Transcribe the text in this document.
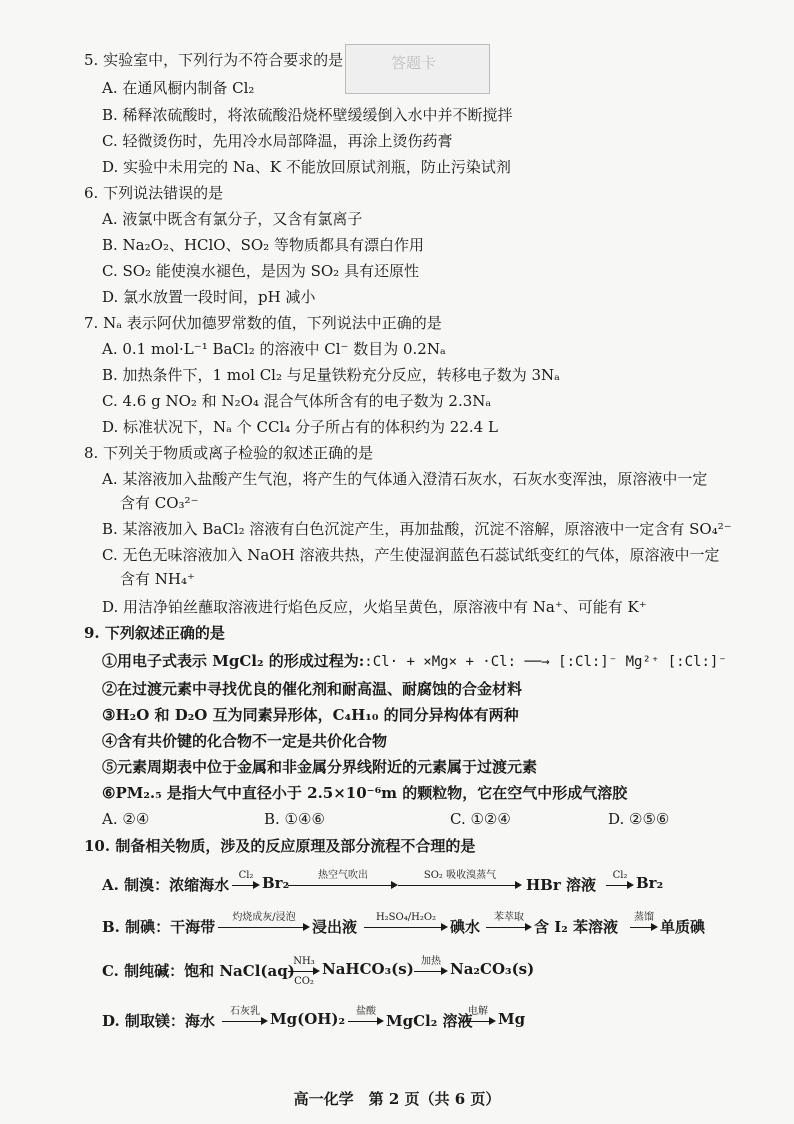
答题卡
5. 实验室中，下列行为不符合要求的是
A. 在通风橱内制备 Cl₂
B. 稀释浓硫酸时，将浓硫酸沿烧杯壁缓缓倒入水中并不断搅拌
C. 轻微烫伤时，先用冷水局部降温，再涂上烫伤药膏
D. 实验中未用完的 Na、K 不能放回原试剂瓶，防止污染试剂
6. 下列说法错误的是
A. 液氯中既含有氯分子，又含有氯离子
B. Na₂O₂、HClO、SO₂ 等物质都具有漂白作用
C. SO₂ 能使溴水褪色，是因为 SO₂ 具有还原性
D. 氯水放置一段时间，pH 减小
7. Nₐ 表示阿伏加德罗常数的值，下列说法中正确的是
A. 0.1 mol·L⁻¹ BaCl₂ 的溶液中 Cl⁻ 数目为 0.2Nₐ
B. 加热条件下，1 mol Cl₂ 与足量铁粉充分反应，转移电子数为 3Nₐ
C. 4.6 g NO₂ 和 N₂O₄ 混合气体所含有的电子数为 2.3Nₐ
D. 标准状况下，Nₐ 个 CCl₄ 分子所占有的体积约为 22.4 L
8. 下列关于物质或离子检验的叙述正确的是
A. 某溶液加入盐酸产生气泡，将产生的气体通入澄清石灰水，石灰水变浑浊，原溶液中一定
含有 CO₃²⁻
B. 某溶液加入 BaCl₂ 溶液有白色沉淀产生，再加盐酸，沉淀不溶解，原溶液中一定含有 SO₄²⁻
C. 无色无味溶液加入 NaOH 溶液共热，产生使湿润蓝色石蕊试纸变红的气体，原溶液中一定
含有 NH₄⁺
D. 用洁净铂丝蘸取溶液进行焰色反应，火焰呈黄色，原溶液中有 Na⁺、可能有 K⁺
9. 下列叙述正确的是
①用电子式表示 MgCl₂ 的形成过程为::Cl· + ×Mg× + ·Cl: ──→ [:Cl:]⁻ Mg²⁺ [:Cl:]⁻
②在过渡元素中寻找优良的催化剂和耐高温、耐腐蚀的合金材料
③H₂O 和 D₂O 互为同素异形体，C₄H₁₀ 的同分异构体有两种
④含有共价键的化合物不一定是共价化合物
⑤元素周期表中位于金属和非金属分界线附近的元素属于过渡元素
⑥PM₂.₅ 是指大气中直径小于 2.5×10⁻⁶m 的颗粒物，它在空气中形成气溶胶
A. ②④	B. ①④⑥	C. ①②④	D. ②⑤⑥
10. 制备相关物质，涉及的反应原理及部分流程不合理的是
A. 制溴：浓缩海水
Cl₂ Br₂	热空气吹出	SO₂ 吸收溴蒸气
HBr 溶液
Cl₂ Br₂
B. 制碘：干海带
灼烧成灰/浸泡
浸出液
H₂SO₄/H₂O₂
碘水
苯萃取
含 I₂ 苯溶液
蒸馏
单质碘
C. 制纯碱：饱和 NaCl(aq)
NH₃
CO₂
NaHCO₃(s) 加热 Na₂CO₃(s)
D. 制取镁：海水
石灰乳 Mg(OH)₂	盐酸
MgCl₂ 溶液
电解 Mg
高一化学　第 2 页（共 6 页）
